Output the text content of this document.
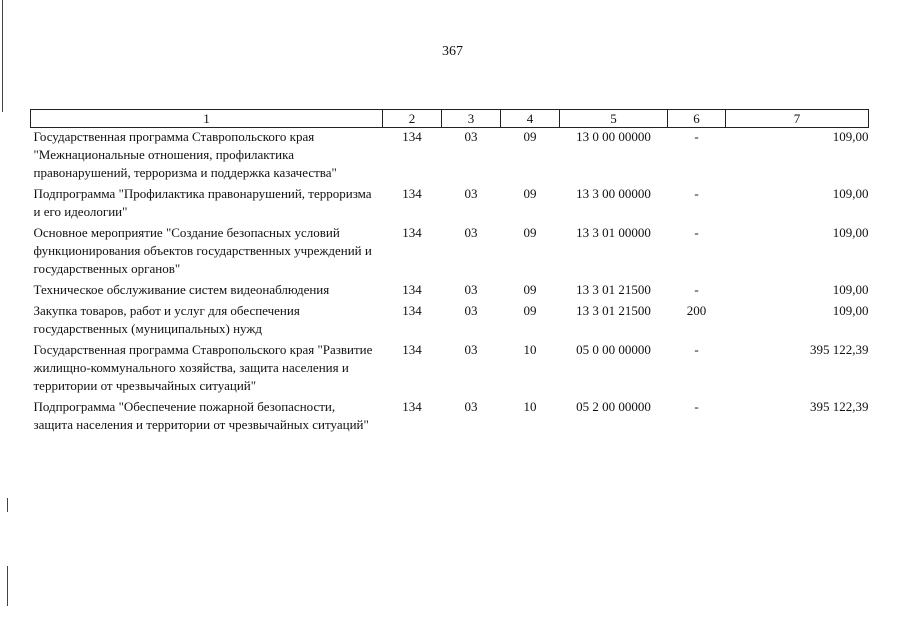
367
1	2	3	4	5	6	7
Государственная программа Ставропольского края "Межнациональные отношения, профилактика правонарушений, терроризма и поддержка казачества"	134	03	09	13 0 00 00000	-	109,00
Подпрограмма "Профилактика правонарушений, терроризма и его идеологии"	134	03	09	13 3 00 00000	-	109,00
Основное мероприятие "Создание безопасных условий функционирования объектов государственных учреждений и государственных органов"	134	03	09	13 3 01 00000	-	109,00
Техническое обслуживание систем видеонаблюдения	134	03	09	13 3 01 21500	-	109,00
Закупка товаров, работ и услуг для обеспечения государственных (муниципальных) нужд	134	03	09	13 3 01 21500	200	109,00
Государственная программа Ставропольского края "Развитие жилищно-коммунального хозяйства, защита населения и территории от чрезвычайных ситуаций"	134	03	10	05 0 00 00000	-	395 122,39
Подпрограмма "Обеспечение пожарной безопасности, защита населения и территории от чрезвычайных ситуаций"	134	03	10	05 2 00 00000	-	395 122,39
